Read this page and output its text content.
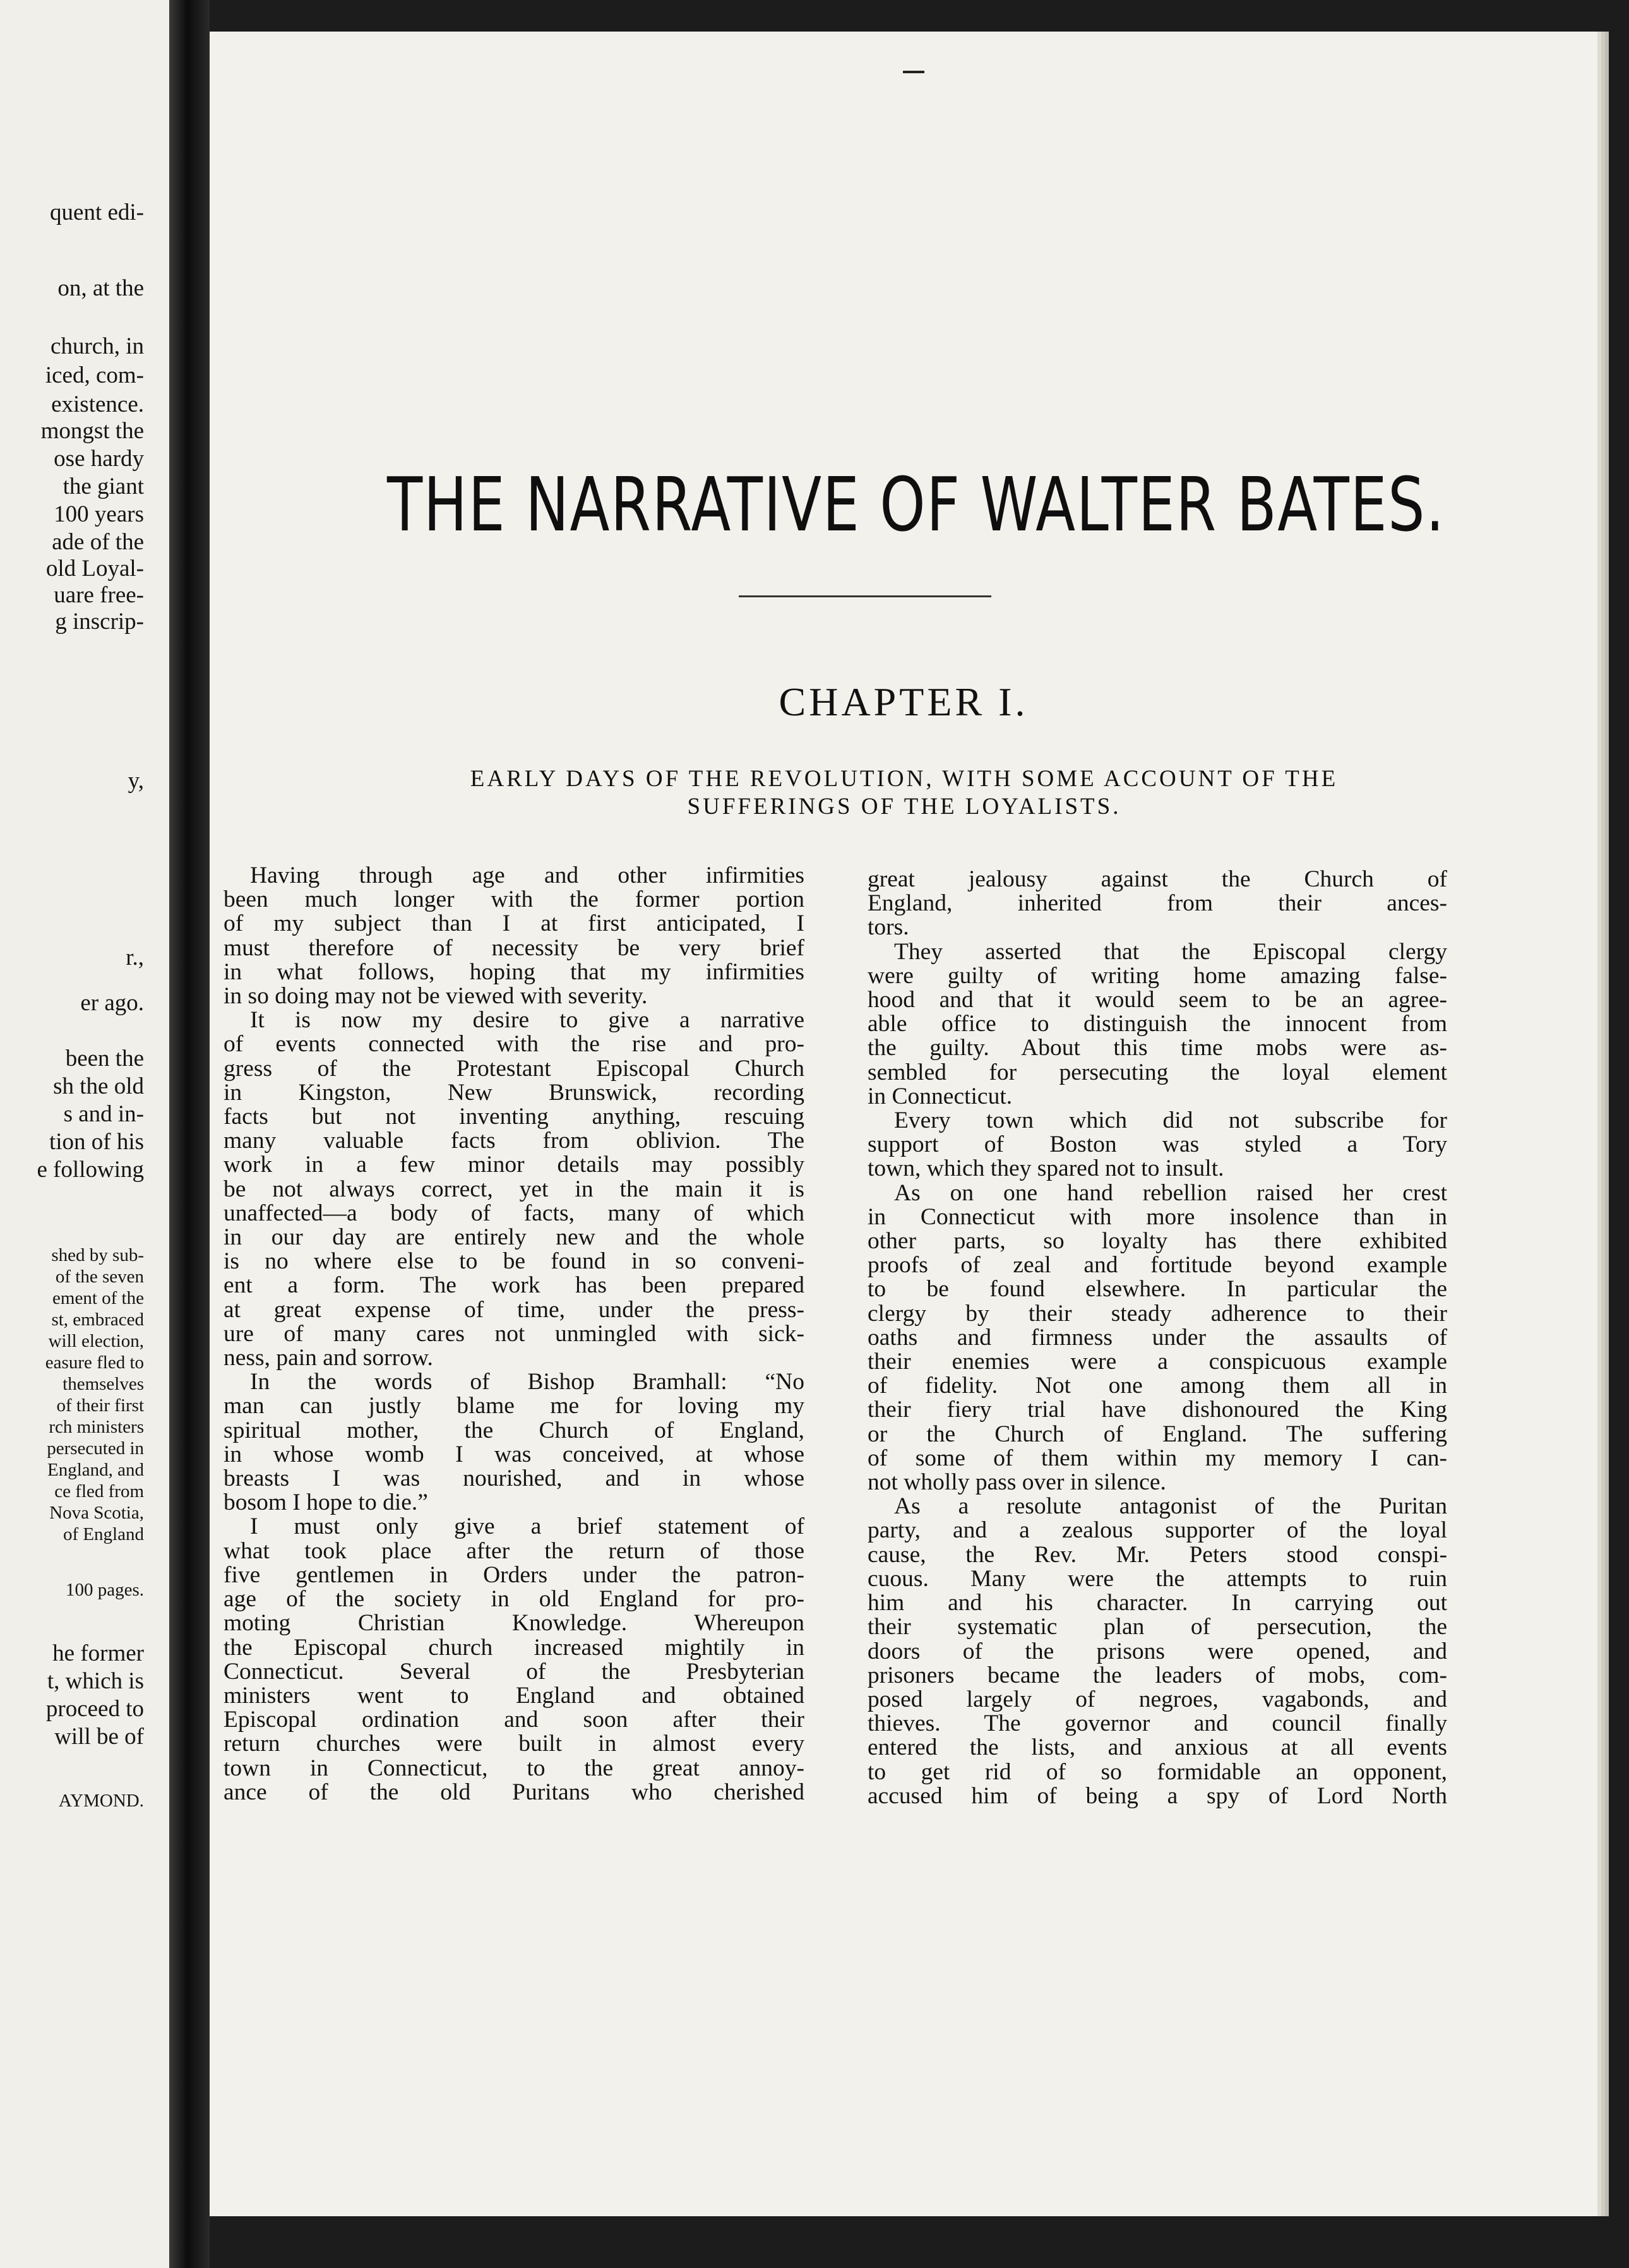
quent edi-
on, at the
church, in
iced, com-
existence.
mongst the
ose hardy
the giant
100 years
ade of the
old Loyal-
uare free-
g inscrip-
y,
r.,
er ago.
been the
sh the old
s and in-
tion of his
e following
shed by sub-
of the seven
ement of the
st, embraced
will election,
easure fled to
themselves
of their first
rch ministers
persecuted in
England, and
ce fled from
Nova Scotia,
of England
100 pages.
he former
t, which is
proceed to
will be of
AYMOND.
THE NARRATIVE OF WALTER BATES.
CHAPTER I.
EARLY DAYS OF THE REVOLUTION, WITH SOME ACCOUNT OF THE
SUFFERINGS OF THE LOYALISTS.
Having through age and other infirmities
been much longer with the former portion
of my subject than I at first anticipated, I
must therefore of necessity be very brief
in what follows, hoping that my infirmities
in so doing may not be viewed with severity.
It is now my desire to give a narrative
of events connected with the rise and pro-
gress of the Protestant Episcopal Church
in Kingston, New Brunswick, recording
facts but not inventing anything, rescuing
many valuable facts from oblivion. The
work in a few minor details may possibly
be not always correct, yet in the main it is
unaffected—a body of facts, many of which
in our day are entirely new and the whole
is no where else to be found in so conveni-
ent a form. The work has been prepared
at great expense of time, under the press-
ure of many cares not unmingled with sick-
ness, pain and sorrow.
In the words of Bishop Bramhall: “No
man can justly blame me for loving my
spiritual mother, the Church of England,
in whose womb I was conceived, at whose
breasts I was nourished, and in whose
bosom I hope to die.”
I must only give a brief statement of
what took place after the return of those
five gentlemen in Orders under the patron-
age of the society in old England for pro-
moting Christian Knowledge. Whereupon
the Episcopal church increased mightily in
Connecticut. Several of the Presbyterian
ministers went to England and obtained
Episcopal ordination and soon after their
return churches were built in almost every
town in Connecticut, to the great annoy-
ance of the old Puritans who cherished
great jealousy against the Church of
England, inherited from their ances-
tors.
They asserted that the Episcopal clergy
were guilty of writing home amazing false-
hood and that it would seem to be an agree-
able office to distinguish the innocent from
the guilty. About this time mobs were as-
sembled for persecuting the loyal element
in Connecticut.
Every town which did not subscribe for
support of Boston was styled a Tory
town, which they spared not to insult.
As on one hand rebellion raised her crest
in Connecticut with more insolence than in
other parts, so loyalty has there exhibited
proofs of zeal and fortitude beyond example
to be found elsewhere. In particular the
clergy by their steady adherence to their
oaths and firmness under the assaults of
their enemies were a conspicuous example
of fidelity. Not one among them all in
their fiery trial have dishonoured the King
or the Church of England. The suffering
of some of them within my memory I can-
not wholly pass over in silence.
As a resolute antagonist of the Puritan
party, and a zealous supporter of the loyal
cause, the Rev. Mr. Peters stood conspi-
cuous. Many were the attempts to ruin
him and his character. In carrying out
their systematic plan of persecution, the
doors of the prisons were opened, and
prisoners became the leaders of mobs, com-
posed largely of negroes, vagabonds, and
thieves. The governor and council finally
entered the lists, and anxious at all events
to get rid of so formidable an opponent,
accused him of being a spy of Lord North
